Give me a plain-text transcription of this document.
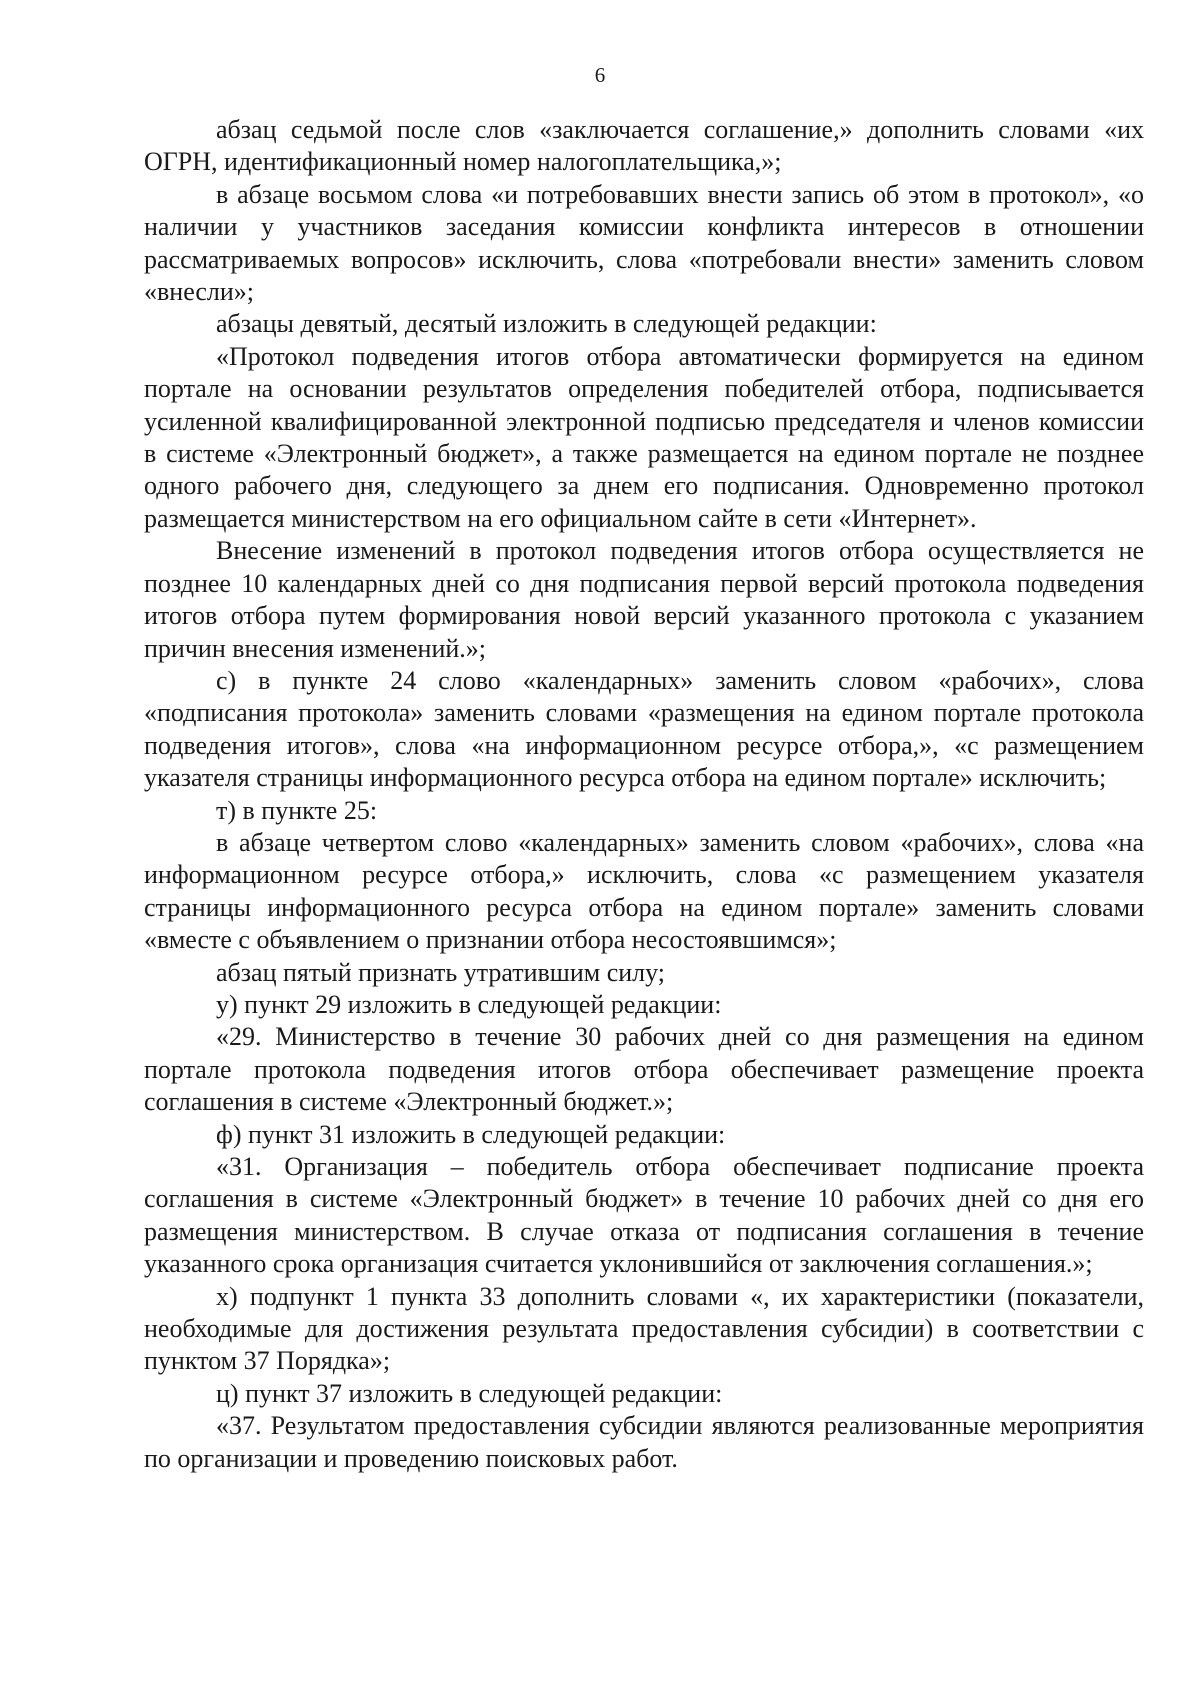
6

абзац седьмой после слов «заключается соглашение,» дополнить словами «их ОГРН, идентификационный номер налогоплательщика,»;

в абзаце восьмом слова «и потребовавших внести запись об этом в протокол», «о наличии у участников заседания комиссии конфликта интересов в отношении рассматриваемых вопросов» исключить, слова «потребовали внести» заменить словом «внесли»;

абзацы девятый, десятый изложить в следующей редакции:

«Протокол подведения итогов отбора автоматически формируется на едином портале на основании результатов определения победителей отбора, подписывается усиленной квалифицированной электронной подписью председателя и членов комиссии в системе «Электронный бюджет», а также размещается на едином портале не позднее одного рабочего дня, следующего за днем его подписания. Одновременно протокол размещается министерством на его официальном сайте в сети «Интернет».

Внесение изменений в протокол подведения итогов отбора осуществляется не позднее 10 календарных дней со дня подписания первой версий протокола подведения итогов отбора путем формирования новой версий указанного протокола с указанием причин внесения изменений.»;

с) в пункте 24 слово «календарных» заменить словом «рабочих», слова «подписания протокола» заменить словами «размещения на едином портале протокола подведения итогов», слова «на информационном ресурсе отбора,», «с размещением указателя страницы информационного ресурса отбора на едином портале» исключить;

т) в пункте 25:

в абзаце четвертом слово «календарных» заменить словом «рабочих», слова «на информационном ресурсе отбора,» исключить, слова «с размещением указателя страницы информационного ресурса отбора на едином портале» заменить словами «вместе с объявлением о признании отбора несостоявшимся»;

абзац пятый признать утратившим силу;

у) пункт 29 изложить в следующей редакции:

«29. Министерство в течение 30 рабочих дней со дня размещения на едином портале протокола подведения итогов отбора обеспечивает размещение проекта соглашения в системе «Электронный бюджет.»;

ф) пункт 31 изложить в следующей редакции:

«31. Организация – победитель отбора обеспечивает подписание проекта соглашения в системе «Электронный бюджет» в течение 10 рабочих дней со дня его размещения министерством. В случае отказа от подписания соглашения в течение указанного срока организация считается уклонившийся от заключения соглашения.»;

х) подпункт 1 пункта 33 дополнить словами «, их характеристики (показатели, необходимые для достижения результата предоставления субсидии) в соответствии с пунктом 37 Порядка»;

ц) пункт 37 изложить в следующей редакции:

«37. Результатом предоставления субсидии являются реализованные мероприятия по организации и проведению поисковых работ.
